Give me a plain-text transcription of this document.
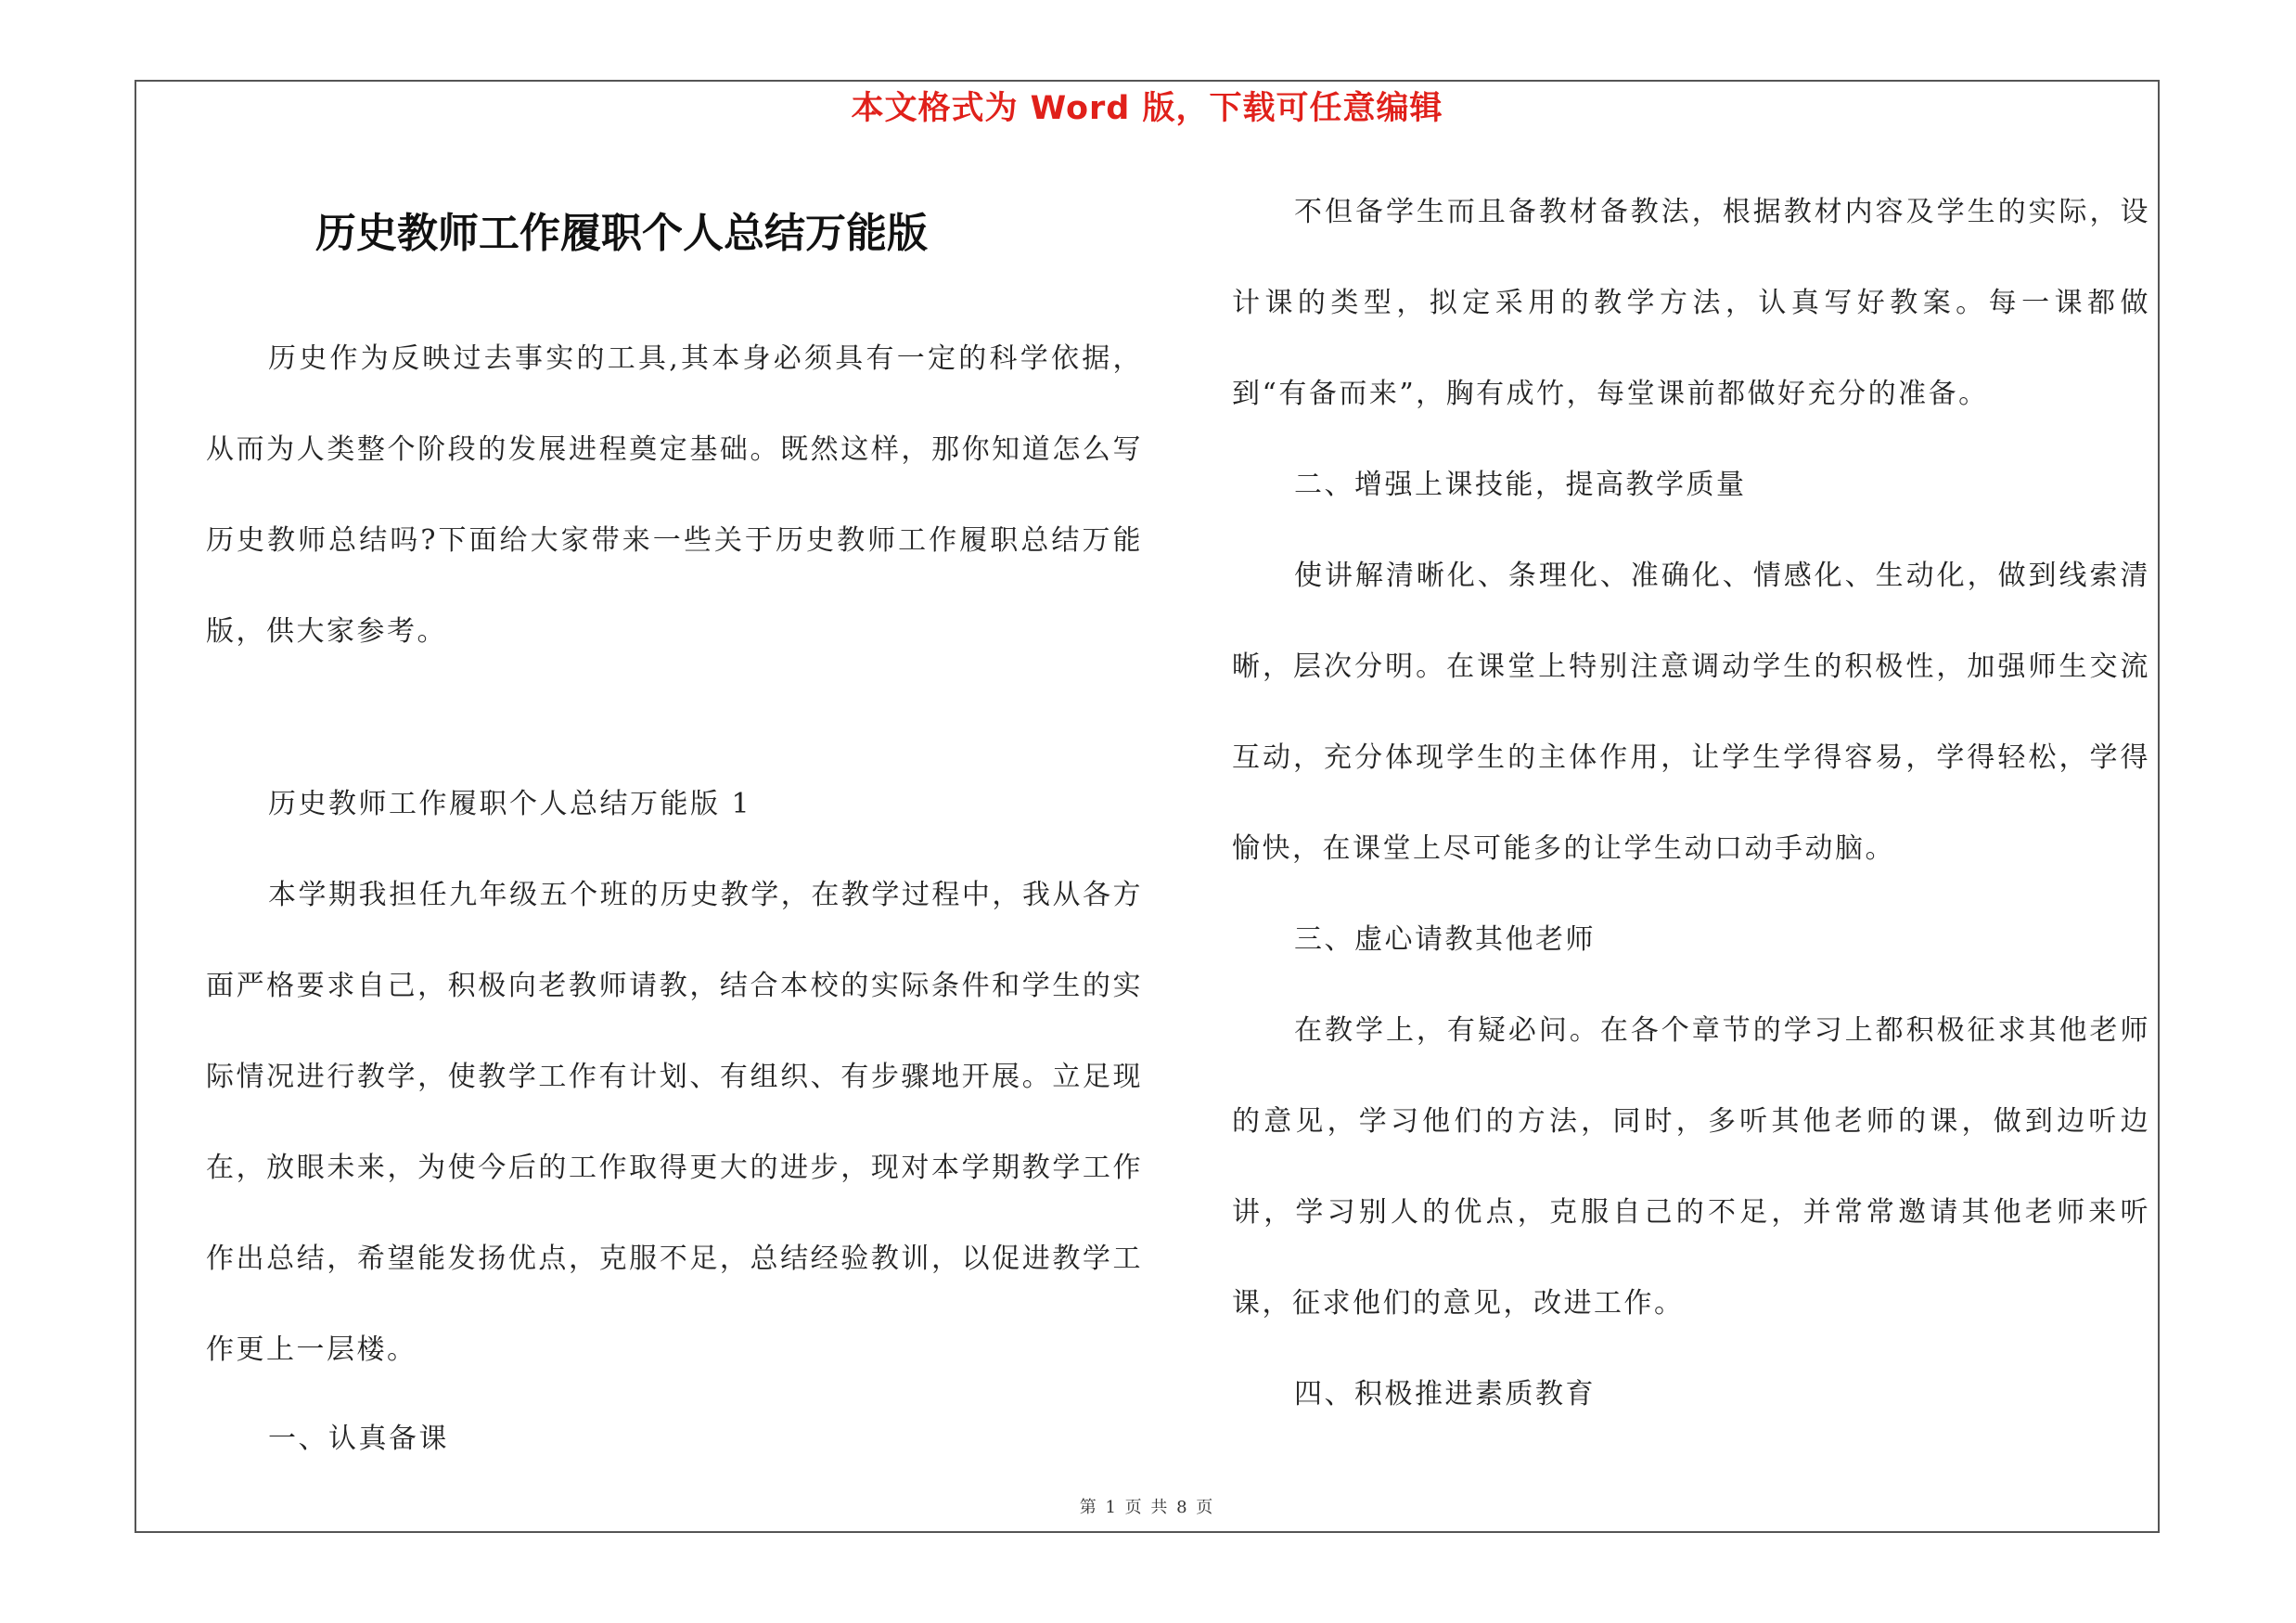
本文格式为 Word 版，下载可任意编辑
历史教师工作履职个人总结万能版

历史作为反映过去事实的工具,其本身必须具有一定的科学依据，从而为人类整个阶段的发展进程奠定基础。既然这样，那你知道怎么写历史教师总结吗?下面给大家带来一些关于历史教师工作履职总结万能版，供大家参考。

历史教师工作履职个人总结万能版 1

本学期我担任九年级五个班的历史教学，在教学过程中，我从各方面严格要求自己，积极向老教师请教，结合本校的实际条件和学生的实际情况进行教学，使教学工作有计划、有组织、有步骤地开展。立足现在，放眼未来，为使今后的工作取得更大的进步，现对本学期教学工作作出总结，希望能发扬优点，克服不足，总结经验教训，以促进教学工作更上一层楼。

一、认真备课

不但备学生而且备教材备教法，根据教材内容及学生的实际，设计课的类型，拟定采用的教学方法，认真写好教案。每一课都做到“有备而来”，胸有成竹，每堂课前都做好充分的准备。

二、增强上课技能，提高教学质量

使讲解清晰化、条理化、准确化、情感化、生动化，做到线索清晰，层次分明。在课堂上特别注意调动学生的积极性，加强师生交流互动，充分体现学生的主体作用，让学生学得容易，学得轻松，学得愉快，在课堂上尽可能多的让学生动口动手动脑。

三、虚心请教其他老师

在教学上，有疑必问。在各个章节的学习上都积极征求其他老师的意见，学习他们的方法，同时，多听其他老师的课，做到边听边讲，学习别人的优点，克服自己的不足，并常常邀请其他老师来听课，征求他们的意见，改进工作。

四、积极推进素质教育

第 1 页 共 8 页
